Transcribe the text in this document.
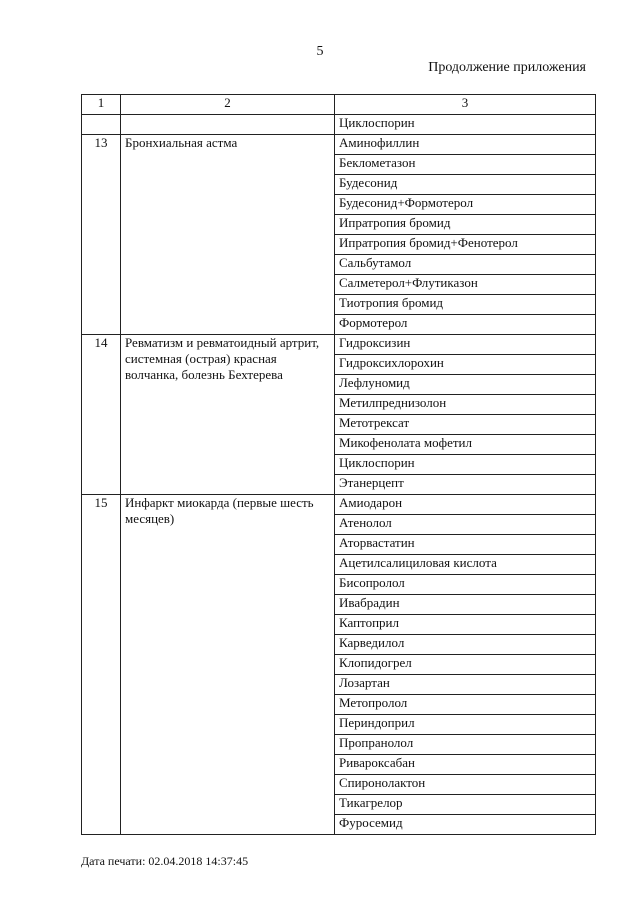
5
Продолжение приложения
1	2	3
		Циклоспорин
13	Бронхиальная астма	Аминофиллин
		Беклометазон
		Будесонид
		Будесонид+Формотерол
		Ипратропия бромид
		Ипратропия бромид+Фенотерол
		Сальбутамол
		Салметерол+Флутиказон
		Тиотропия бромид
		Формотерол
14	Ревматизм и ревматоидный артрит, системная (острая) красная волчанка, болезнь Бехтерева	Гидроксизин
		Гидроксихлорохин
		Лефлуномид
		Метилпреднизолон
		Метотрексат
		Микофенолата мофетил
		Циклоспорин
		Этанерцепт
15	Инфаркт миокарда (первые шесть месяцев)	Амиодарон
		Атенолол
		Аторвастатин
		Ацетилсалициловая кислота
		Бисопролол
		Ивабрадин
		Каптоприл
		Карведилол
		Клопидогрел
		Лозартан
		Метопролол
		Периндоприл
		Пропранолол
		Ривароксабан
		Спиронолактон
		Тикагрелор
		Фуросемид
Дата печати: 02.04.2018 14:37:45
